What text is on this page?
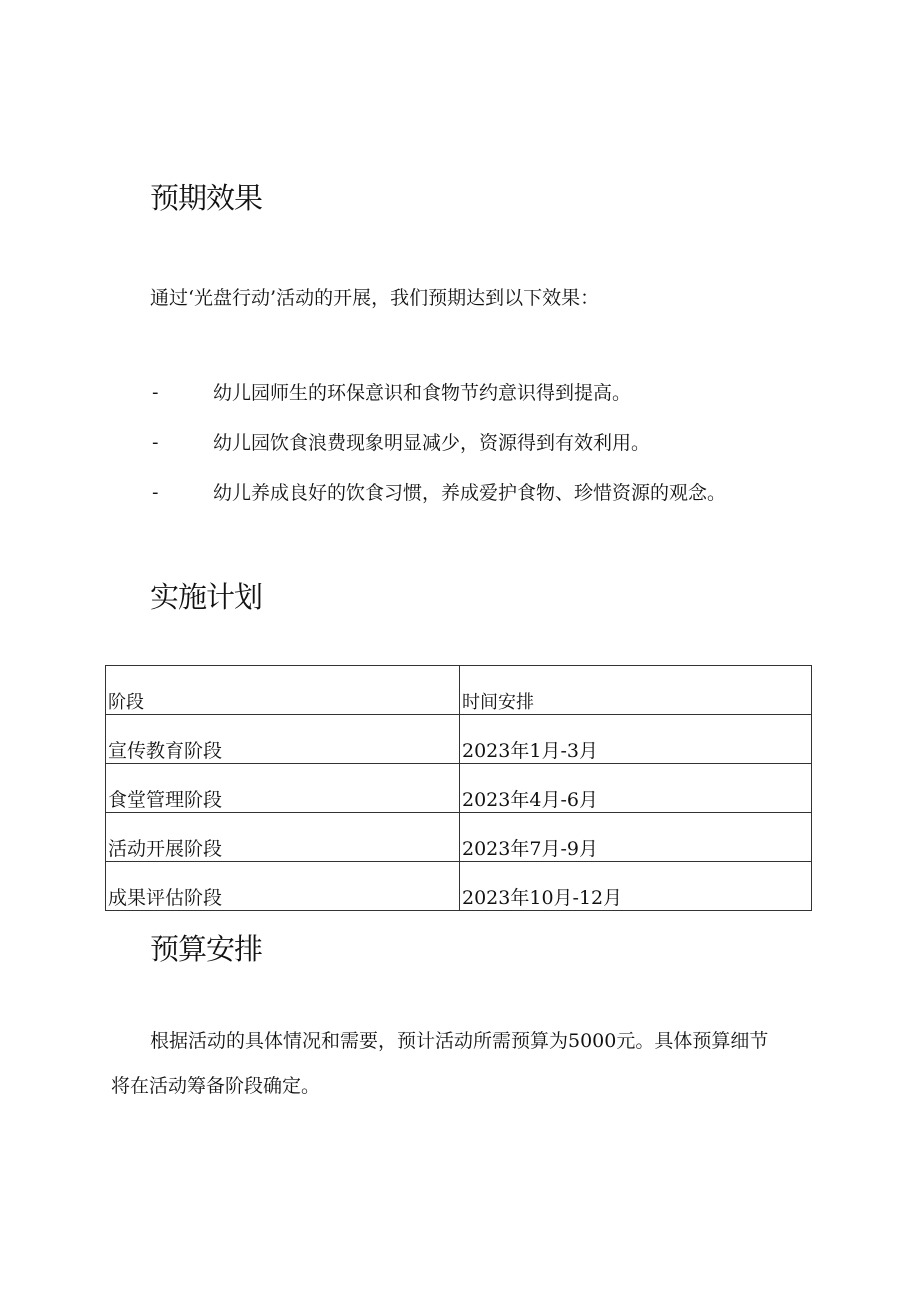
预期效果
通过‘光盘行动’活动的开展，我们预期达到以下效果：
-	幼儿园师生的环保意识和食物节约意识得到提高。
-	幼儿园饮食浪费现象明显减少，资源得到有效利用。
-	幼儿养成良好的饮食习惯，养成爱护食物、珍惜资源的观念。
实施计划
阶段	时间安排
宣传教育阶段	2023年1月-3月
食堂管理阶段	2023年4月-6月
活动开展阶段	2023年7月-9月
成果评估阶段	2023年10月-12月
预算安排
根据活动的具体情况和需要，预计活动所需预算为5000元。具体预算细节
将在活动筹备阶段确定。
